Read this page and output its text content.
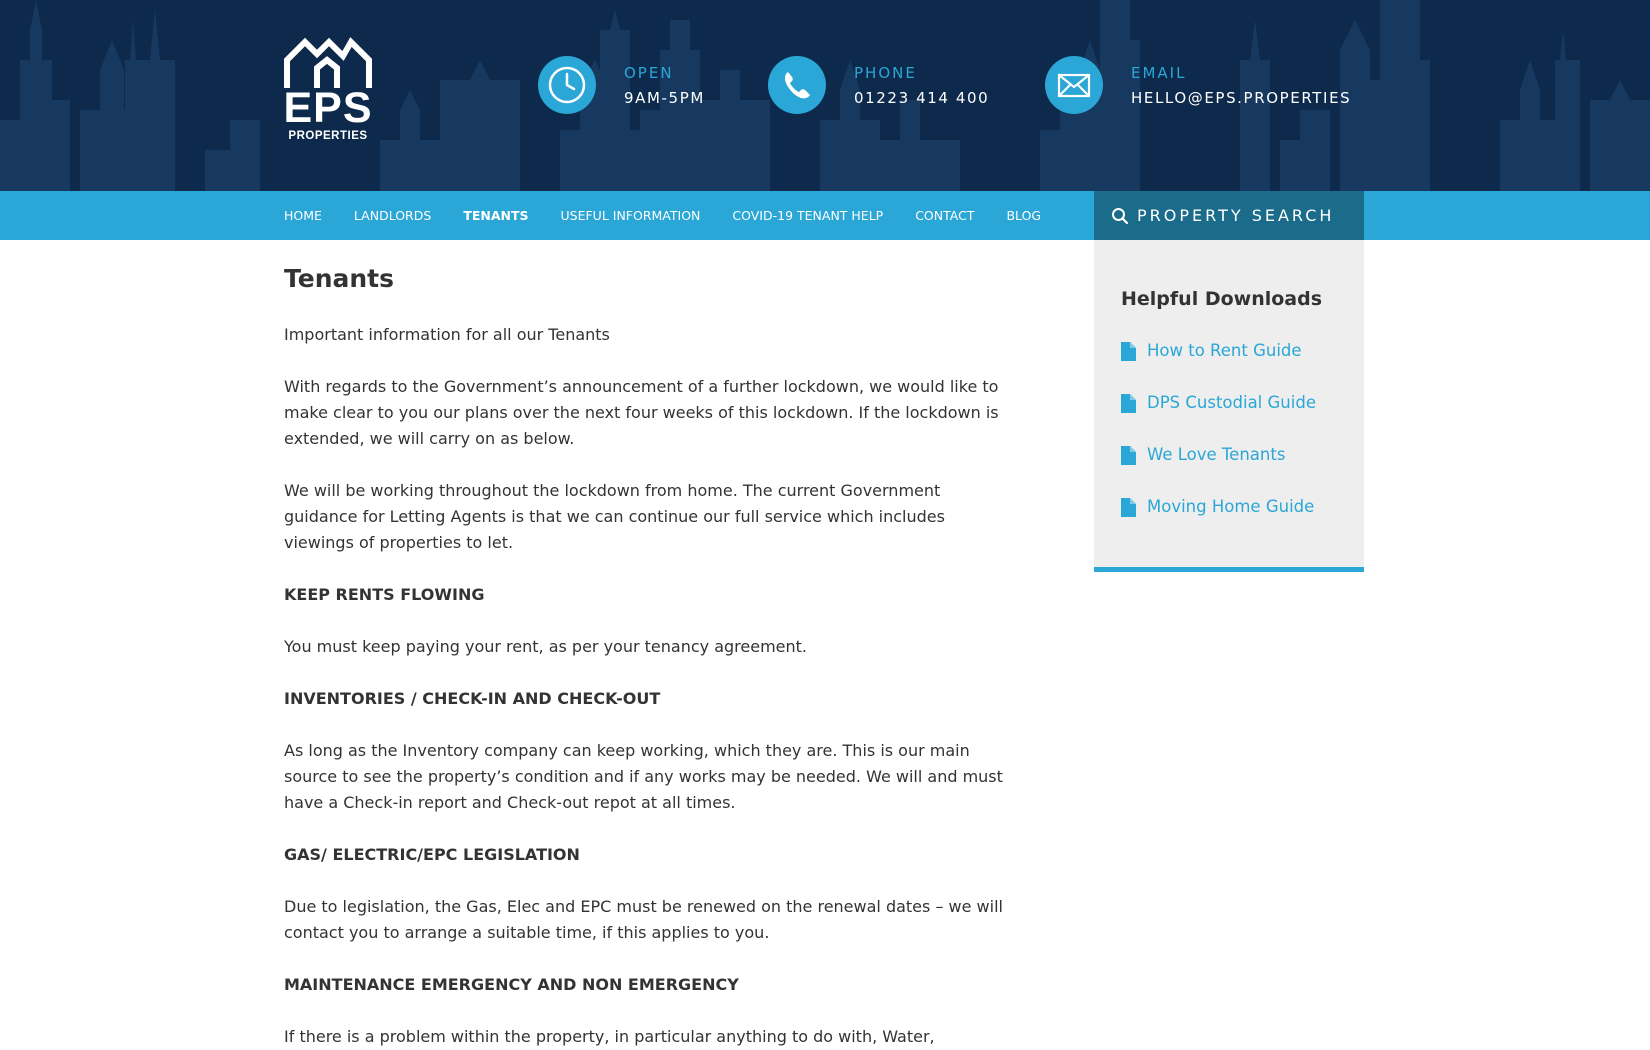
EPS
PROPERTIES
OPEN
9AM-5PM
PHONE
01223 414 400
EMAIL
HELLO@EPS.PROPERTIES
HOME	LANDLORDS	TENANTS	USEFUL INFORMATION	COVID-19 TENANT HELP	CONTACT	BLOG	PROPERTY SEARCH
Tenants

Important information for all our Tenants

With regards to the Government’s announcement of a further lockdown, we would like to make clear to you our plans over the next four weeks of this lockdown. If the lockdown is extended, we will carry on as below.

We will be working throughout the lockdown from home. The current Government guidance for Letting Agents is that we can continue our full service which includes viewings of properties to let.

KEEP RENTS FLOWING

You must keep paying your rent, as per your tenancy agreement.

INVENTORIES / CHECK-IN AND CHECK-OUT

As long as the Inventory company can keep working, which they are. This is our main source to see the property’s condition and if any works may be needed. We will and must have a Check-in report and Check-out repot at all times.

GAS/ ELECTRIC/EPC LEGISLATION

Due to legislation, the Gas, Elec and EPC must be renewed on the renewal dates – we will contact you to arrange a suitable time, if this applies to you.

MAINTENANCE EMERGENCY AND NON EMERGENCY

If there is a problem within the property, in particular anything to do with, Water,

Helpful Downloads
How to Rent Guide
DPS Custodial Guide
We Love Tenants
Moving Home Guide
